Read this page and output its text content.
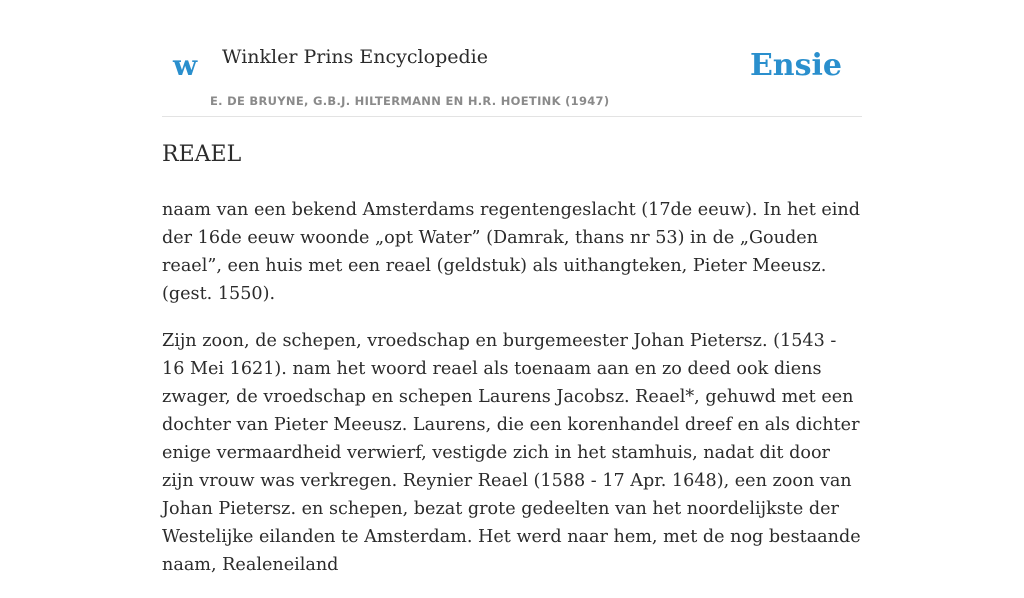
w Winkler Prins Encyclopedie
E. DE BRUYNE, G.B.J. HILTERMANN EN H.R. HOETINK (1947)
Ensie
REAEL

naam van een bekend Amsterdams regentengeslacht (17de eeuw). In het eind der 16de eeuw woonde „opt Water” (Damrak, thans nr 53) in de „Gouden reael”, een huis met een reael (geldstuk) als uithangteken, Pieter Meeusz. (gest. 1550).

Zijn zoon, de schepen, vroedschap en burgemeester Johan Pietersz. (1543 - 16 Mei 1621). nam het woord reael als toenaam aan en zo deed ook diens zwager, de vroedschap en schepen Laurens Jacobsz. Reael*, gehuwd met een dochter van Pieter Meeusz. Laurens, die een korenhandel dreef en als dichter enige vermaardheid verwierf, vestigde zich in het stamhuis, nadat dit door zijn vrouw was verkregen. Reynier Reael (1588 - 17 Apr. 1648), een zoon van Johan Pietersz. en schepen, bezat grote gedeelten van het noordelijkste der Westelijke eilanden te Amsterdam. Het werd naar hem, met de nog bestaande naam, Realeneiland
